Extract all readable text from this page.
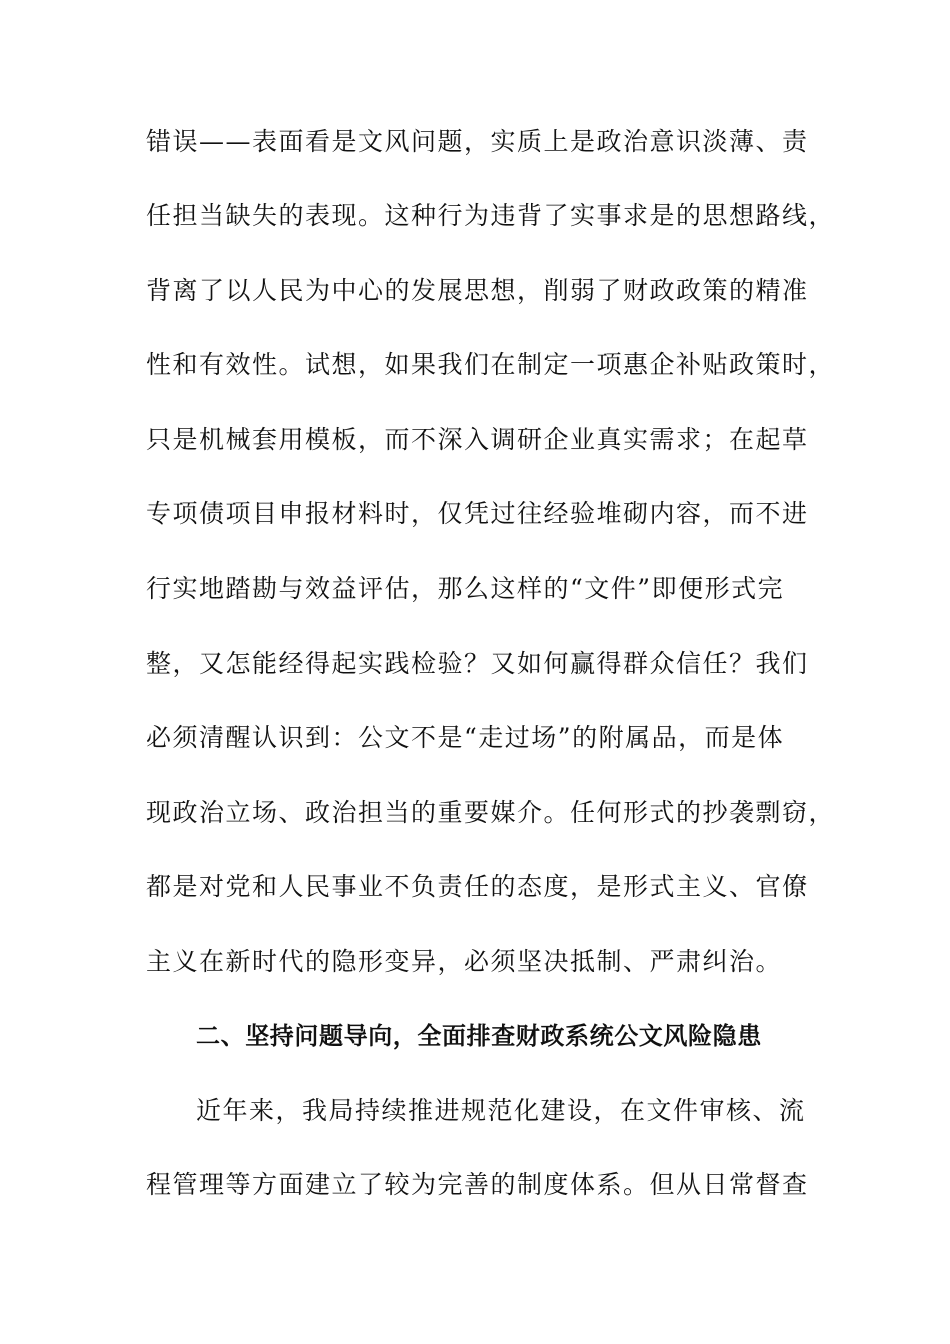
错误——表面看是文风问题，实质上是政治意识淡薄、责
任担当缺失的表现。这种行为违背了实事求是的思想路线，
背离了以人民为中心的发展思想，削弱了财政政策的精准
性和有效性。试想，如果我们在制定一项惠企补贴政策时，
只是机械套用模板，而不深入调研企业真实需求；在起草
专项债项目申报材料时，仅凭过往经验堆砌内容，而不进
行实地踏勘与效益评估，那么这样的“文件”即便形式完
整，又怎能经得起实践检验？又如何赢得群众信任？我们
必须清醒认识到：公文不是“走过场”的附属品，而是体
现政治立场、政治担当的重要媒介。任何形式的抄袭剽窃，
都是对党和人民事业不负责任的态度，是形式主义、官僚
主义在新时代的隐形变异，必须坚决抵制、严肃纠治。
二、坚持问题导向，全面排查财政系统公文风险隐患
近年来，我局持续推进规范化建设，在文件审核、流
程管理等方面建立了较为完善的制度体系。但从日常督查
